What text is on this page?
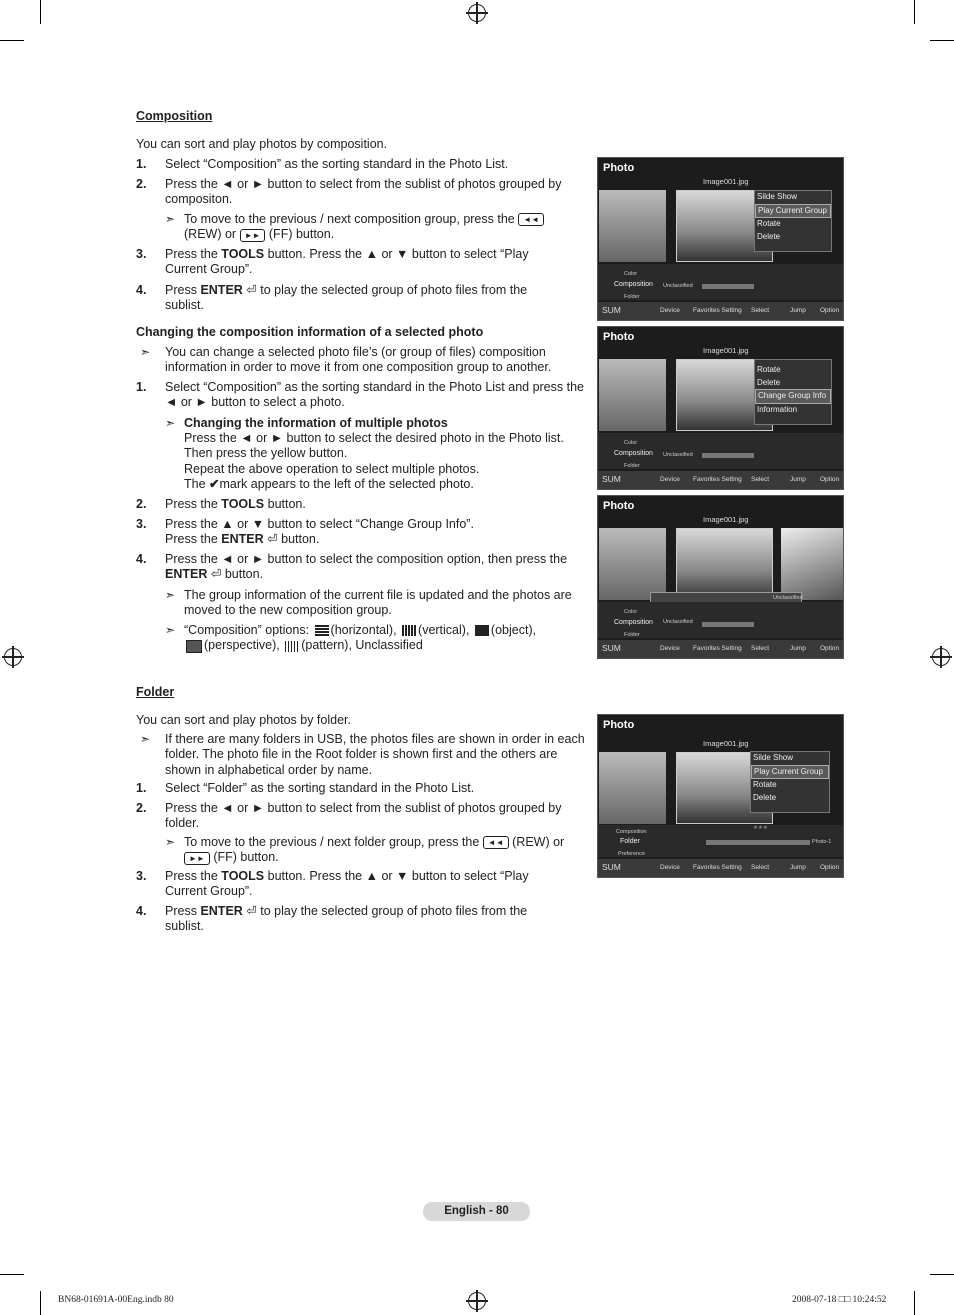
Composition
You can sort and play photos by composition.
1. Select “Composition” as the sorting standard in the Photo List.
2. Press the ◄ or ► button to select from the sublist of photos grouped by compositon.
➣ To move to the previous / next composition group, press the ◄◄
(REW) or ►► (FF) button.
3. Press the TOOLS button. Press the ▲ or ▼ button to select “Play Current Group”.
4. Press ENTER ⏎ to play the selected group of photo files from the sublist.
Changing the composition information of a selected photo
➣ You can change a selected photo file’s (or group of files) composition information in order to move it from one composition group to another.
1. Select “Composition” as the sorting standard in the Photo List and press the ◄ or ► button to select a photo.
➣ Changing the information of multiple photos
Press the ◄ or ► button to select the desired photo in the Photo list. Then press the yellow button.
Repeat the above operation to select multiple photos.
The ✔mark appears to the left of the selected photo.
2. Press the TOOLS button.
3. Press the ▲ or ▼ button to select “Change Group Info”.
Press the ENTER ⏎ button.
4. Press the ◄ or ► button to select the composition option, then press the
ENTER ⏎ button.
➣ The group information of the current file is updated and the photos are moved to the new composition group.
➣ “Composition” options: (horizontal), (vertical), (object),
(perspective), (pattern), Unclassified
Folder
You can sort and play photos by folder.
➣ If there are many folders in USB, the photos files are shown in order in each folder. The photo file in the Root folder is shown first and the others are shown in alphabetical order by name.
1. Select “Folder” as the sorting standard in the Photo List.
2. Press the ◄ or ► button to select from the sublist of photos grouped by folder.
➣ To move to the previous / next folder group, press the ◄◄ (REW) or
►► (FF) button.
3. Press the TOOLS button. Press the ▲ or ▼ button to select “Play Current Group”.
4. Press ENTER ⏎ to play the selected group of photo files from the sublist.
Photo
Image001.jpg
Silde Show
Play Current Group
Rotate
Delete
Color
Composition
Folder
Unclassified
SUM	Device Favorites Setting Select	Jump Option
Photo
Image001.jpg
Rotate
Delete
Change Group Info
Information
Color
Composition
Folder
Unclassified
SUM	Device Favorites Setting Select	Jump Option
Photo
Image001.jpg
Unclassified
Color
Composition
Folder
Unclassified
SUM	Device Favorites Setting Select	Jump Option
Photo
Image001.jpg
Silde Show
Play Current Group
Rotate
Delete
★★★
Composition
Folder
Preference
Photo-1
SUM	Device Favorites Setting Select	Jump Option
English - 80
BN68-01691A-00Eng.indb 80	2008-07-18 □□ 10:24:52
